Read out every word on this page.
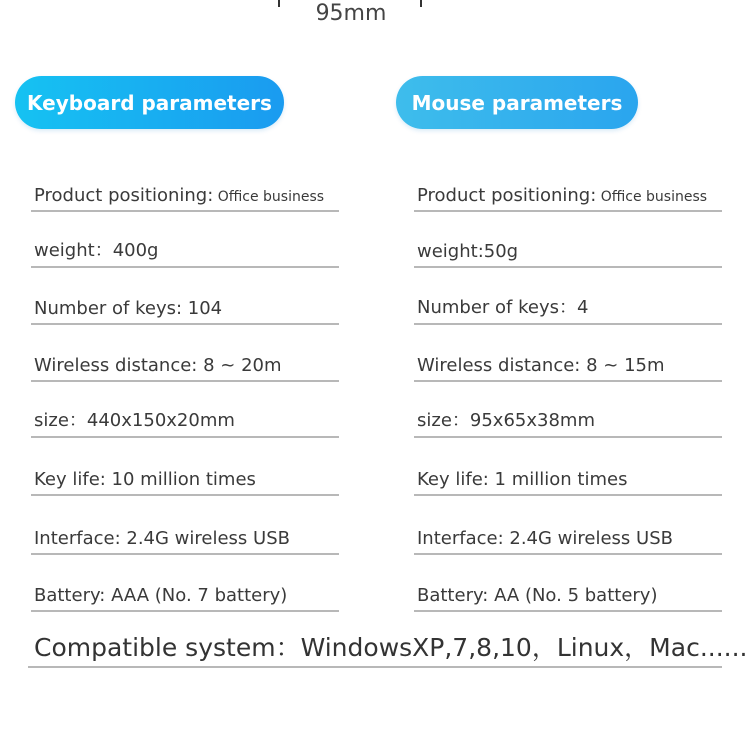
95mm
Keyboard parameters	Mouse parameters
Product positioning: Office business
weight：400g
Number of keys: 104
Wireless distance: 8 ~ 20m
size：440x150x20mm
Key life: 10 million times
Interface: 2.4G wireless USB
Battery: AAA (No. 7 battery)
Product positioning: Office business
weight:50g
Number of keys：4
Wireless distance: 8 ~ 15m
size：95x65x38mm
Key life: 1 million times
Interface: 2.4G wireless USB
Battery: AA (No. 5 battery)
Compatible system：WindowsXP,7,8,10，Linux，Mac......
